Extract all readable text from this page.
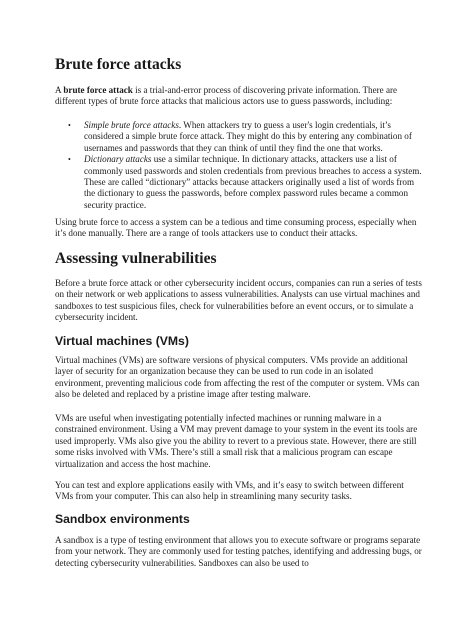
Brute force attacks

A brute force attack is a trial-and-error process of discovering private information. There are different types of brute force attacks that malicious actors use to guess passwords, including:

• Simple brute force attacks. When attackers try to guess a user's login credentials, it’s considered a simple brute force attack. They might do this by entering any combination of usernames and passwords that they can think of until they find the one that works.
• Dictionary attacks use a similar technique. In dictionary attacks, attackers use a list of commonly used passwords and stolen credentials from previous breaches to access a system. These are called “dictionary” attacks because attackers originally used a list of words from the dictionary to guess the passwords, before complex password rules became a common security practice.

Using brute force to access a system can be a tedious and time consuming process, especially when it’s done manually. There are a range of tools attackers use to conduct their attacks.

Assessing vulnerabilities

Before a brute force attack or other cybersecurity incident occurs, companies can run a series of tests on their network or web applications to assess vulnerabilities. Analysts can use virtual machines and sandboxes to test suspicious files, check for vulnerabilities before an event occurs, or to simulate a cybersecurity incident.

Virtual machines (VMs)

Virtual machines (VMs) are software versions of physical computers. VMs provide an additional layer of security for an organization because they can be used to run code in an isolated environment, preventing malicious code from affecting the rest of the computer or system. VMs can also be deleted and replaced by a pristine image after testing malware.

VMs are useful when investigating potentially infected machines or running malware in a constrained environment. Using a VM may prevent damage to your system in the event its tools are used improperly. VMs also give you the ability to revert to a previous state. However, there are still some risks involved with VMs. There’s still a small risk that a malicious program can escape virtualization and access the host machine.

You can test and explore applications easily with VMs, and it’s easy to switch between different VMs from your computer. This can also help in streamlining many security tasks.

Sandbox environments

A sandbox is a type of testing environment that allows you to execute software or programs separate from your network. They are commonly used for testing patches, identifying and addressing bugs, or detecting cybersecurity vulnerabilities. Sandboxes can also be used to
